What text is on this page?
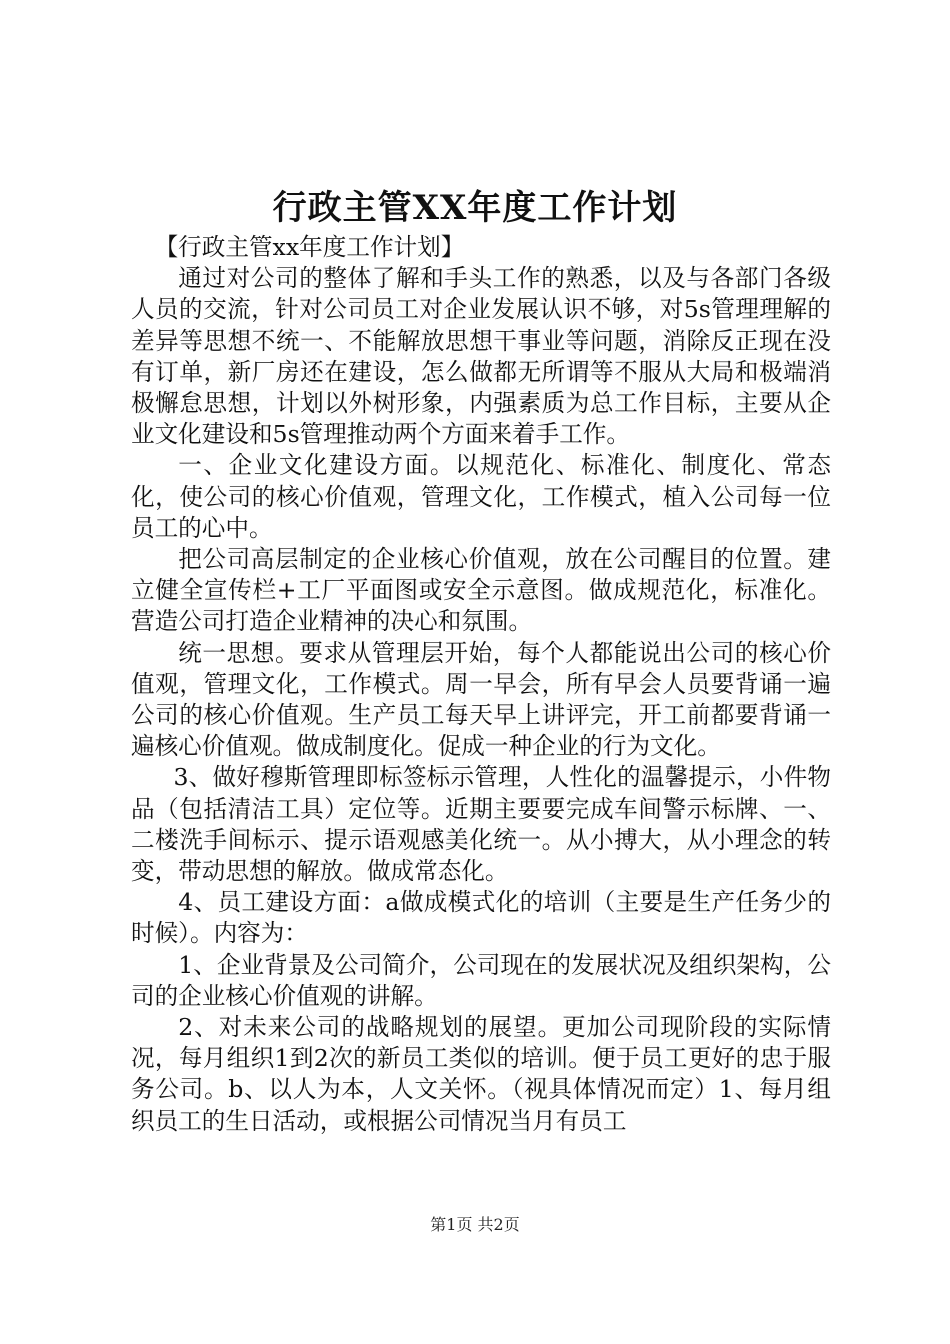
行政主管XX年度工作计划

【行政主管xx年度工作计划】

通过对公司的整体了解和手头工作的熟悉，以及与各部门各级人员的交流，针对公司员工对企业发展认识不够，对5s管理理解的差异等思想不统一、不能解放思想干事业等问题，消除反正现在没有订单，新厂房还在建设，怎么做都无所谓等不服从大局和极端消极懈怠思想，计划以外树形象，内强素质为总工作目标，主要从企业文化建设和5s管理推动两个方面来着手工作。

一、企业文化建设方面。以规范化、标准化、制度化、常态化，使公司的核心价值观，管理文化，工作模式，植入公司每一位员工的心中。

把公司高层制定的企业核心价值观，放在公司醒目的位置。建立健全宣传栏+工厂平面图或安全示意图。做成规范化，标准化。营造公司打造企业精神的决心和氛围。

统一思想。要求从管理层开始，每个人都能说出公司的核心价值观，管理文化，工作模式。周一早会，所有早会人员要背诵一遍公司的核心价值观。生产员工每天早上讲评完，开工前都要背诵一遍核心价值观。做成制度化。促成一种企业的行为文化。

3、做好穆斯管理即标签标示管理，人性化的温馨提示，小件物品（包括清洁工具）定位等。近期主要要完成车间警示标牌、一、二楼洗手间标示、提示语观感美化统一。从小搏大，从小理念的转变，带动思想的解放。做成常态化。

4、员工建设方面：a做成模式化的培训（主要是生产任务少的时候）。内容为：

1、企业背景及公司简介，公司现在的发展状况及组织架构，公司的企业核心价值观的讲解。

2、对未来公司的战略规划的展望。更加公司现阶段的实际情况，每月组织1到2次的新员工类似的培训。便于员工更好的忠于服务公司。b、以人为本，人文关怀。（视具体情况而定）1、每月组织员工的生日活动，或根据公司情况当月有员工

第1页 共2页
